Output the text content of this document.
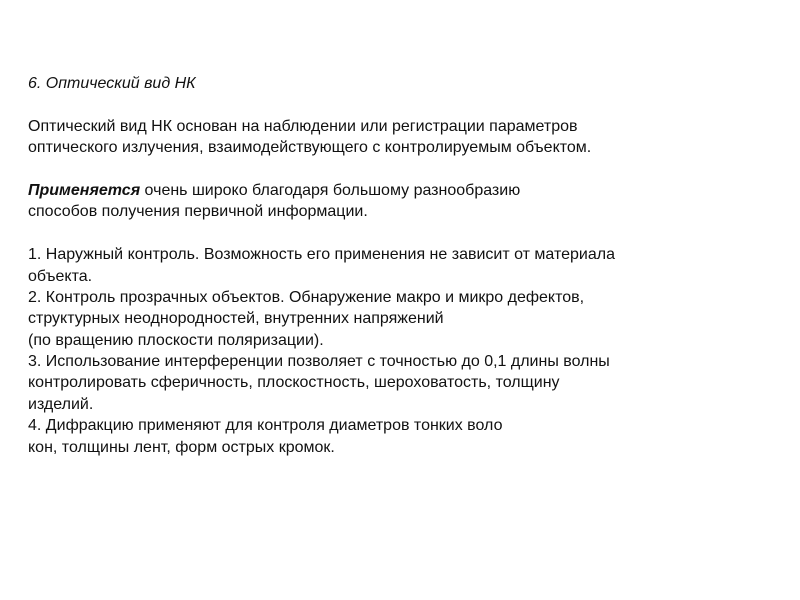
6. Оптический вид НК
Оптический вид НК основан на наблюдении или регистрации параметров
оптического излучения, взаимодействующего с контролируемым объектом.
Применяется очень широко благодаря большому разнообразию
способов получения первичной информации.
1. Наружный контроль. Возможность его применения не зависит от материала
объекта.
2. Контроль прозрачных объектов. Обнаружение макро и микро дефектов,
структурных неоднородностей, внутренних напряжений
(по вращению плоскости поляризации).
3. Использование интерференции позволяет с точностью до 0,1 длины волны
контролировать сферичность, плоскостность, шероховатость, толщину
изделий.
4. Дифракцию применяют для контроля диаметров тонких воло
кон, толщины лент, форм острых кромок.
